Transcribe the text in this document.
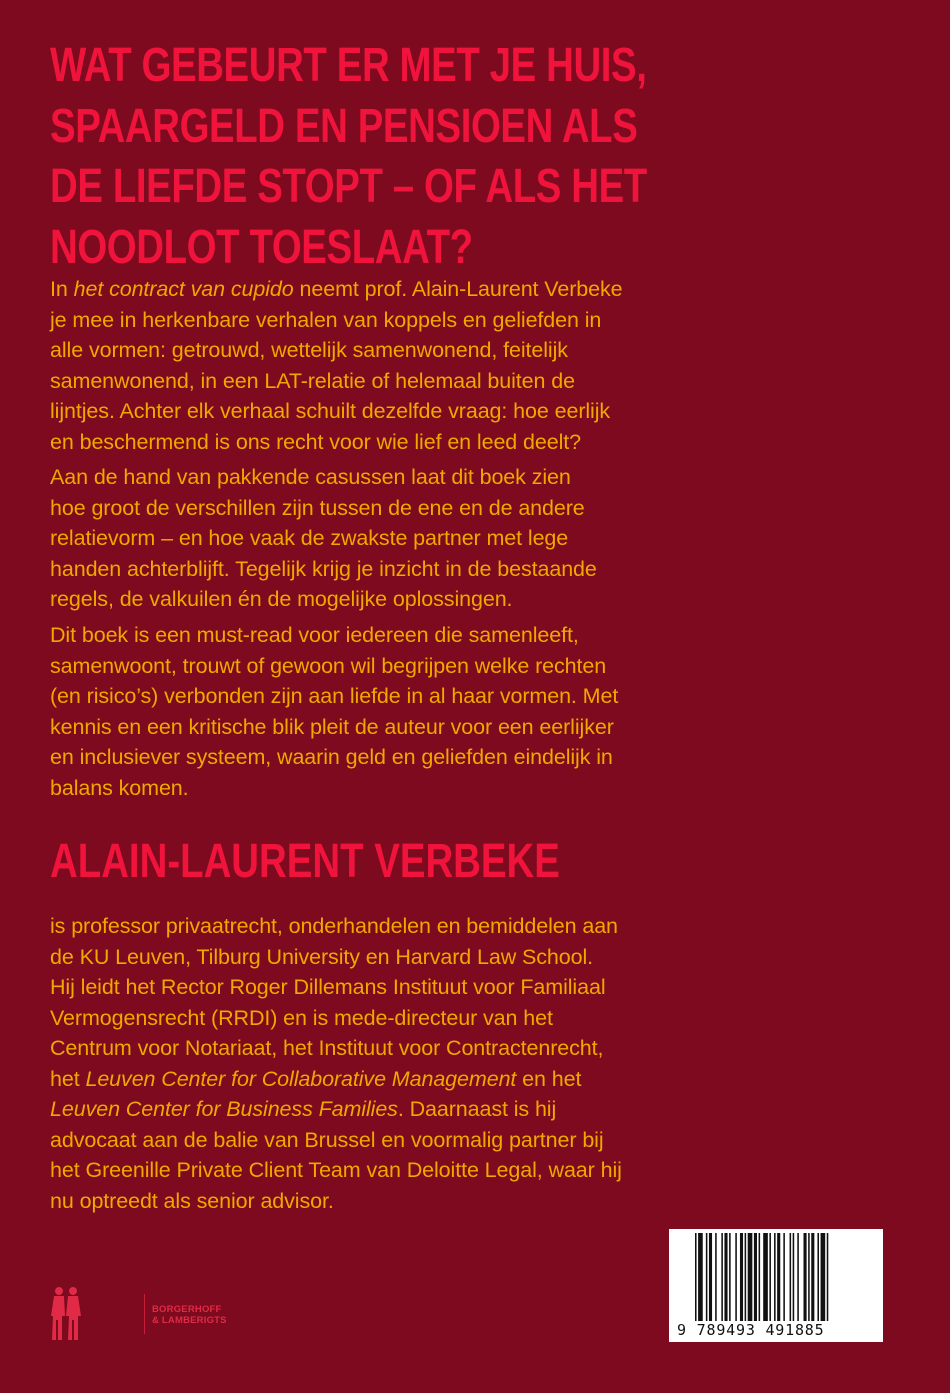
WAT GEBEURT ER MET JE HUIS,
SPAARGELD EN PENSIOEN ALS
DE LIEFDE STOPT – OF ALS HET
NOODLOT TOESLAAT?

In het contract van cupido neemt prof. Alain-Laurent Verbeke
je mee in herkenbare verhalen van koppels en geliefden in
alle vormen: getrouwd, wettelijk samenwonend, feitelijk
samenwonend, in een LAT-relatie of helemaal buiten de
lijntjes. Achter elk verhaal schuilt dezelfde vraag: hoe eerlijk
en beschermend is ons recht voor wie lief en leed deelt?

Aan de hand van pakkende casussen laat dit boek zien
hoe groot de verschillen zijn tussen de ene en de andere
relatievorm – en hoe vaak de zwakste partner met lege
handen achterblijft. Tegelijk krijg je inzicht in de bestaande
regels, de valkuilen én de mogelijke oplossingen.

Dit boek is een must-read voor iedereen die samenleeft,
samenwoont, trouwt of gewoon wil begrijpen welke rechten
(en risico’s) verbonden zijn aan liefde in al haar vormen. Met
kennis en een kritische blik pleit de auteur voor een eerlijker
en inclusiever systeem, waarin geld en geliefden eindelijk in
balans komen.

ALAIN-LAURENT VERBEKE

is professor privaatrecht, onderhandelen en bemiddelen aan
de KU Leuven, Tilburg University en Harvard Law School.
Hij leidt het Rector Roger Dillemans Instituut voor Familiaal
Vermogensrecht (RRDI) en is mede-directeur van het
Centrum voor Notariaat, het Instituut voor Contractenrecht,
het Leuven Center for Collaborative Management en het
Leuven Center for Business Families. Daarnaast is hij
advocaat aan de balie van Brussel en voormalig partner bij
het Greenille Private Client Team van Deloitte Legal, waar hij
nu optreedt als senior advisor.

BORGERHOFF
& LAMBERIGTS
9 789493 491885
